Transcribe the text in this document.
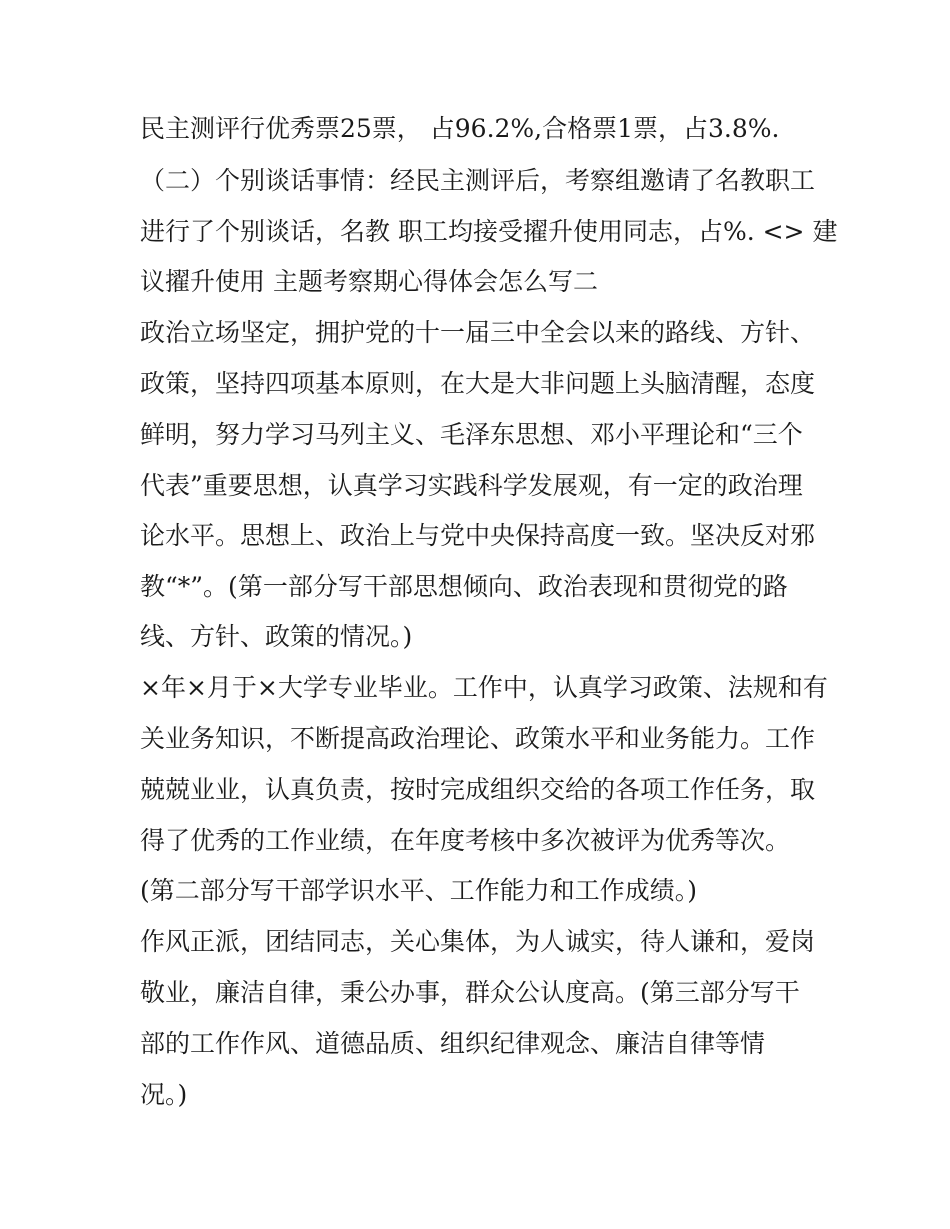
民主测评行优秀票25票， 占96.2%,合格票1票，占3.8%.
（二）个别谈话事情：经民主测评后，考察组邀请了名教职工
进行了个别谈话，名教 职工均接受擢升使用同志，占%. <> 建
议擢升使用 主题考察期心得体会怎么写二
政治立场坚定，拥护党的十一届三中全会以来的路线、方针、
政策，坚持四项基本原则，在大是大非问题上头脑清醒，态度
鲜明，努力学习马列主义、毛泽东思想、邓小平理论和“三个
代表”重要思想，认真学习实践科学发展观，有一定的政治理
论水平。思想上、政治上与党中央保持高度一致。坚决反对邪
教“*”。(第一部分写干部思想倾向、政治表现和贯彻党的路
线、方针、政策的情况。)
×年×月于×大学专业毕业。工作中，认真学习政策、法规和有
关业务知识，不断提高政治理论、政策水平和业务能力。工作
兢兢业业，认真负责，按时完成组织交给的各项工作任务，取
得了优秀的工作业绩，在年度考核中多次被评为优秀等次。
(第二部分写干部学识水平、工作能力和工作成绩。)
作风正派，团结同志，关心集体，为人诚实，待人谦和，爱岗
敬业，廉洁自律，秉公办事，群众公认度高。(第三部分写干
部的工作作风、道德品质、组织纪律观念、廉洁自律等情
况。)
